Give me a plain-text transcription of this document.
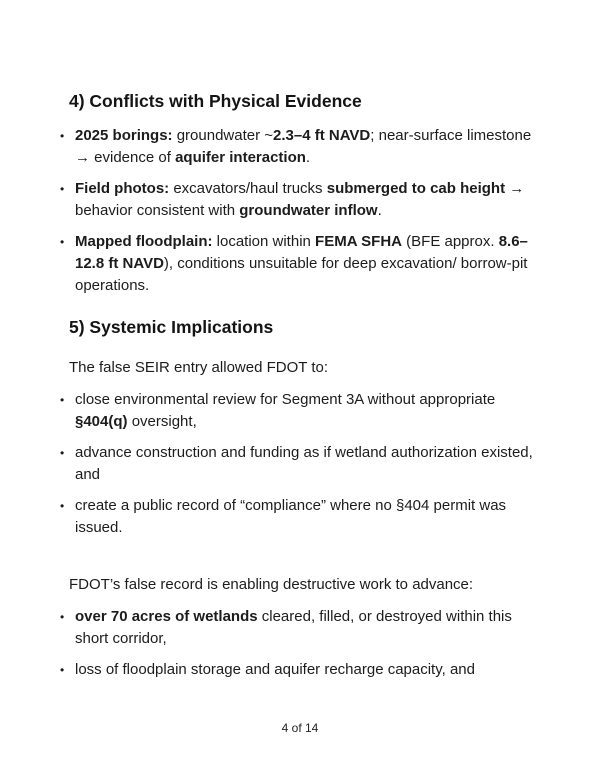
4) Conflicts with Physical Evidence
• 2025 borings: groundwater ~2.3–4 ft NAVD; near-surface limestone → evidence of aquifer interaction.
• Field photos: excavators/haul trucks submerged to cab height → behavior consistent with groundwater inflow.
• Mapped floodplain: location within FEMA SFHA (BFE approx. 8.6–12.8 ft NAVD), conditions unsuitable for deep excavation/ borrow-pit operations.
5) Systemic Implications

The false SEIR entry allowed FDOT to:

• close environmental review for Segment 3A without appropriate §404(q) oversight,
• advance construction and funding as if wetland authorization existed, and
• create a public record of “compliance” where no §404 permit was issued.

FDOT’s false record is enabling destructive work to advance:

• over 70 acres of wetlands cleared, filled, or destroyed within this short corridor,
• loss of floodplain storage and aquifer recharge capacity, and
4 of 14
